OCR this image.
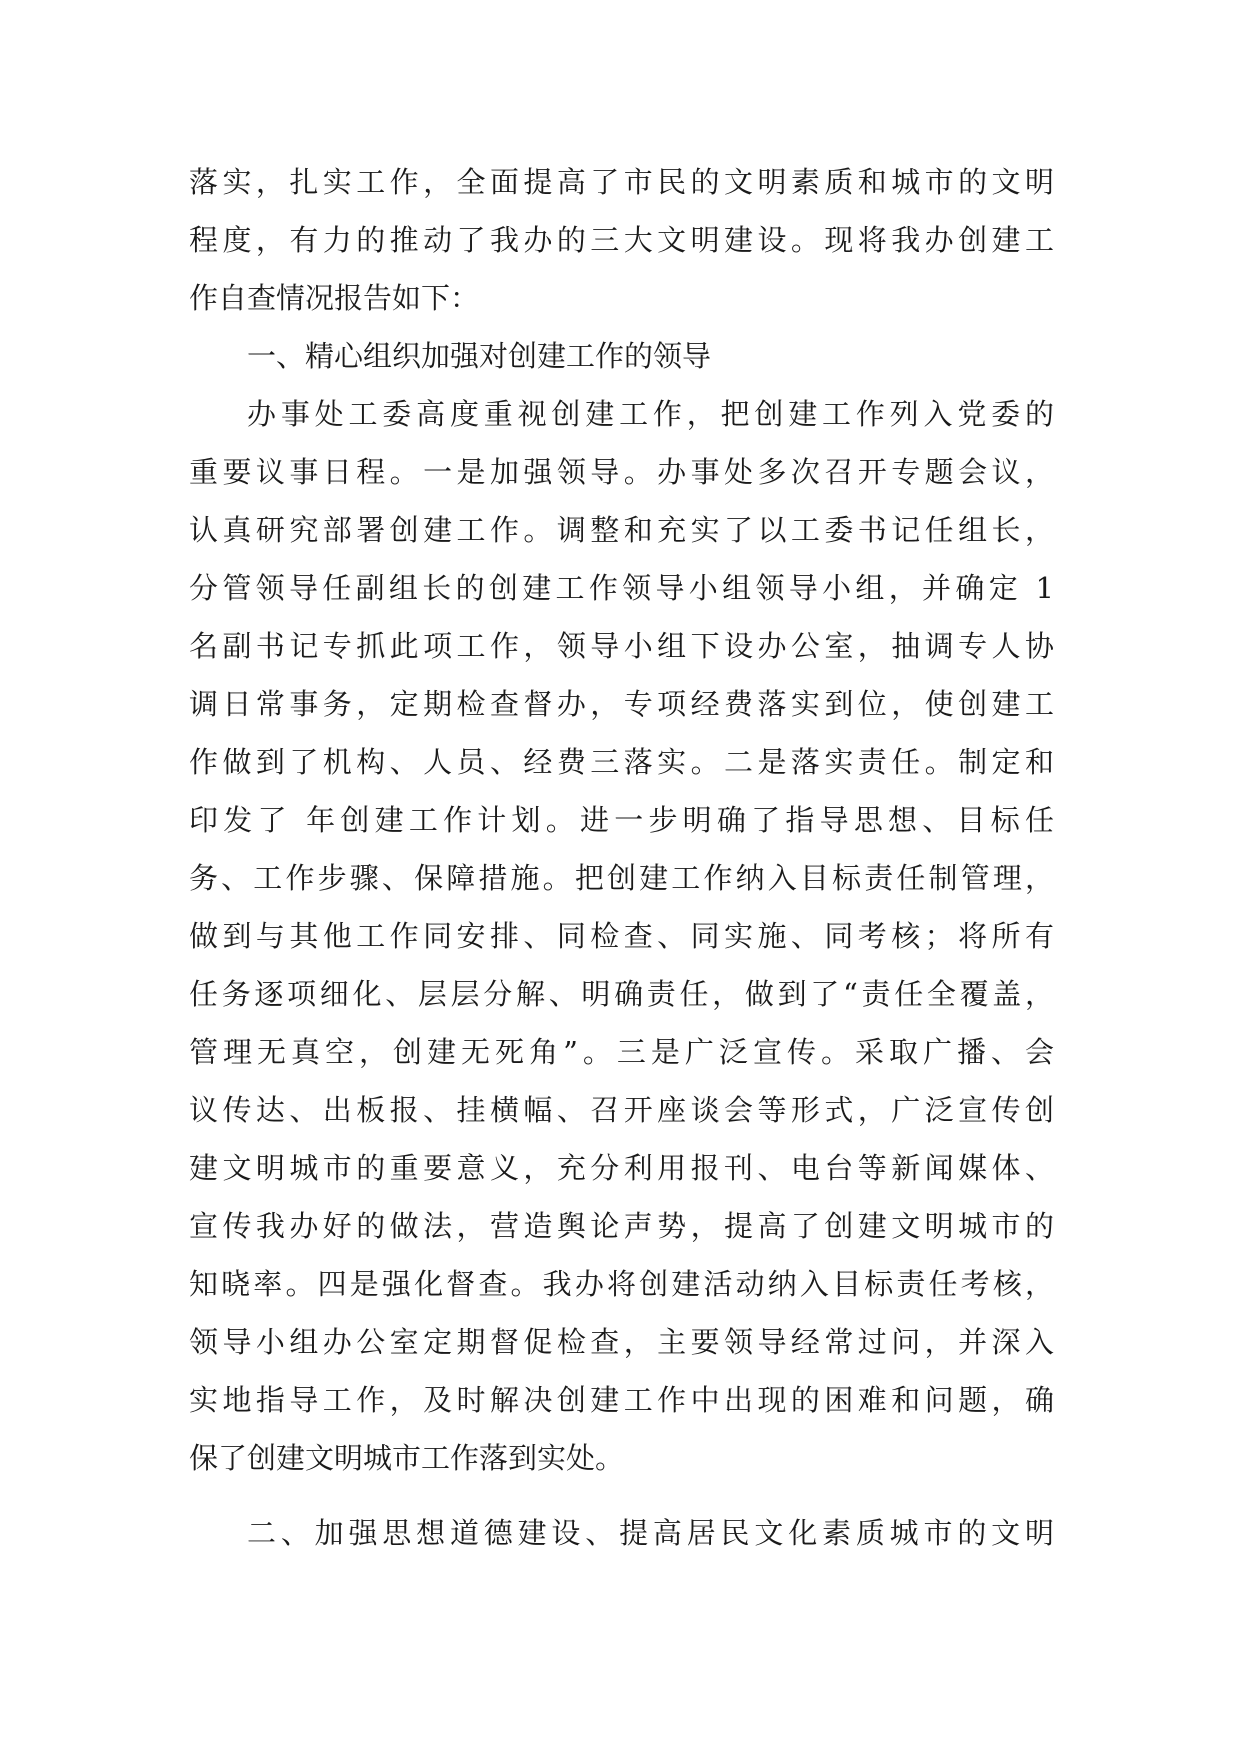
落实，扎实工作，全面提高了市民的文明素质和城市的文明
程度，有力的推动了我办的三大文明建设。现将我办创建工
作自查情况报告如下：
一、精心组织加强对创建工作的领导
办事处工委高度重视创建工作，把创建工作列入党委的
重要议事日程。一是加强领导。办事处多次召开专题会议，
认真研究部署创建工作。调整和充实了以工委书记任组长，
分管领导任副组长的创建工作领导小组领导小组，并确定 1
名副书记专抓此项工作，领导小组下设办公室，抽调专人协
调日常事务，定期检查督办，专项经费落实到位，使创建工
作做到了机构、人员、经费三落实。二是落实责任。制定和
印发了 年创建工作计划。进一步明确了指导思想、目标任
务、工作步骤、保障措施。把创建工作纳入目标责任制管理，
做到与其他工作同安排、同检查、同实施、同考核；将所有
任务逐项细化、层层分解、明确责任，做到了“责任全覆盖，
管理无真空，创建无死角”。三是广泛宣传。采取广播、会
议传达、出板报、挂横幅、召开座谈会等形式，广泛宣传创
建文明城市的重要意义，充分利用报刊、电台等新闻媒体、
宣传我办好的做法，营造舆论声势，提高了创建文明城市的
知晓率。四是强化督查。我办将创建活动纳入目标责任考核，
领导小组办公室定期督促检查，主要领导经常过问，并深入
实地指导工作，及时解决创建工作中出现的困难和问题，确
保了创建文明城市工作落到实处。
二、加强思想道德建设、提高居民文化素质城市的文明
